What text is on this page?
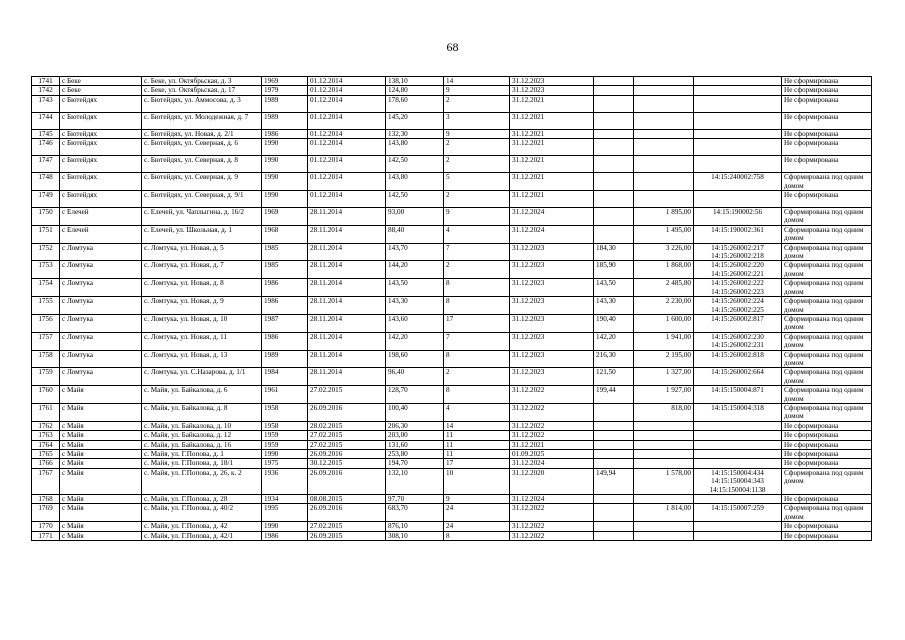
68
1741	с Беке	с. Беке, ул. Октябрьская, д. 3	1969	01.12.2014	138,10	14	31.12.2023				Не сформирована
1742	с Беке	с. Беке, ул. Октябрьская, д. 17	1979	01.12.2014	124,80	9	31.12.2023				Не сформирована
1743	с Бютейдях	с. Бютейдях, ул. Аммосова, д. 3	1989	01.12.2014	178,60	2	31.12.2021				Не сформирована
1744	с Бютейдях	с. Бютейдях, ул. Молодежная, д. 7	1989	01.12.2014	145,20	3	31.12.2021				Не сформирована
1745	с Бютейдях	с. Бютейдях, ул. Новая, д. 2/1	1986	01.12.2014	132,30	9	31.12.2021				Не сформирована
1746	с Бютейдях	с. Бютейдях, ул. Северная, д. 6	1990	01.12.2014	143,80	2	31.12.2021				Не сформирована
1747	с Бютейдях	с. Бютейдях, ул. Северная, д. 8	1990	01.12.2014	142,50	2	31.12.2021				Не сформирована
1748	с Бютейдях	с. Бютейдях, ул. Северная, д. 9	1990	01.12.2014	143,80	5	31.12.2021			14:15:240002:758	Сформирована под одним домом
1749	с Бютейдях	с. Бютейдях, ул. Северная, д. 9/1	1990	01.12.2014	142,50	2	31.12.2021				Не сформирована
1750	с Елечей	с. Елечей, ул. Чаплыгина, д. 16/2	1969	28.11.2014	93,00	9	31.12.2024		1 895,00	14:15:190002:56	Сформирована под одним домом
1751	с Елечей	с. Елечей, ул. Школьная, д. 1	1968	28.11.2014	88,40	4	31.12.2024		1 495,00	14:15:190002:361	Сформирована под одним домом
1752	с Ломтука	с. Ломтука, ул. Новая, д. 5	1985	28.11.2014	143,70	7	31.12.2023	184,30	3 226,00	14:15:260002:217
14:15:260002:218	Сформирована под одним домом
1753	с Ломтука	с. Ломтука, ул. Новая, д. 7	1985	28.11.2014	144,20	2	31.12.2023	185,90	1 868,00	14:15:260002:220
14:15:260002:221	Сформирована под одним домом
1754	с Ломтука	с. Ломтука, ул. Новая, д. 8	1986	28.11.2014	143,50	8	31.12.2023	143,50	2 485,80	14:15:260002:222
14:15:260002:223	Сформирована под одним домом
1755	с Ломтука	с. Ломтука, ул. Новая, д. 9	1986	28.11.2014	143,30	8	31.12.2023	143,30	2 230,00	14:15:260002:224
14:15:260002:225	Сформирована под одним домом
1756	с Ломтука	с. Ломтука, ул. Новая, д. 10	1987	28.11.2014	143,60	17	31.12.2023	190,40	1 600,00	14:15:260002:817	Сформирована под одним домом
1757	с Ломтука	с. Ломтука, ул. Новая, д. 11	1986	28.11.2014	142,20	7	31.12.2023	142,20	1 941,00	14:15:260002:230
14:15:260002:231	Сформирована под одним домом
1758	с Ломтука	с. Ломтука, ул. Новая, д. 13	1989	28.11.2014	198,60	8	31.12.2023	216,30	2 195,00	14:15:260002:818	Сформирована под одним домом
1759	с Ломтука	с. Ломтука, ул. С.Назарова, д. 1/1	1984	28.11.2014	96,40	2	31.12.2023	121,50	1 327,00	14:15:260002:664	Сформирована под одним домом
1760	с Майя	с. Майя, ул. Байкалова, д. 6	1961	27.02.2015	128,70	8	31.12.2022	199,44	1 927,00	14:15:150004:871	Сформирована под одним домом
1761	с Майя	с. Майя, ул. Байкалова, д. 8	1958	26.09.2016	100,40	4	31.12.2022		818,00	14:15:150004:318	Сформирована под одним домом
1762	с Майя	с. Майя, ул. Байкалова, д. 10	1958	28.02.2015	206,30	14	31.12.2022				Не сформирована
1763	с Майя	с. Майя, ул. Байкалова, д. 12	1959	27.02.2015	203,00	11	31.12.2022				Не сформирована
1764	с Майя	с. Майя, ул. Байкалова, д. 16	1959	27.02.2015	131,60	11	31.12.2021				Не сформирована
1765	с Майя	с. Майя, ул. Г.Попова, д. 1	1990	26.09.2016	253,80	11	01.09.2025				Не сформирована
1766	с Майя	с. Майя, ул. Г.Попова, д. 18/1	1975	30.12.2015	194,70	17	31.12.2024				Не сформирована
1767	с Майя	с. Майя, ул. Г.Попова, д. 26, к. 2	1936	26.09.2016	132,10	10	31.12.2020	149,94	1 578,00	14:15:150004:434
14:15:150004:343
14:15:150004:1138	Сформирована под одним домом
1768	с Майя	с. Майя, ул. Г.Попова, д. 28	1934	08.08.2015	97,70	9	31.12.2024				Не сформирована
1769	с Майя	с. Майя, ул. Г.Попова, д. 40/2	1995	26.09.2016	683,70	24	31.12.2022		1 814,00	14:15:150007:259	Сформирована под одним домом
1770	с Майя	с. Майя, ул. Г.Попова, д. 42	1990	27.02.2015	876,10	24	31.12.2022				Не сформирована
1771	с Майя	с. Майя, ул. Г.Попова, д. 42/1	1986	26.09.2015	308,10	8	31.12.2022				Не сформирована
